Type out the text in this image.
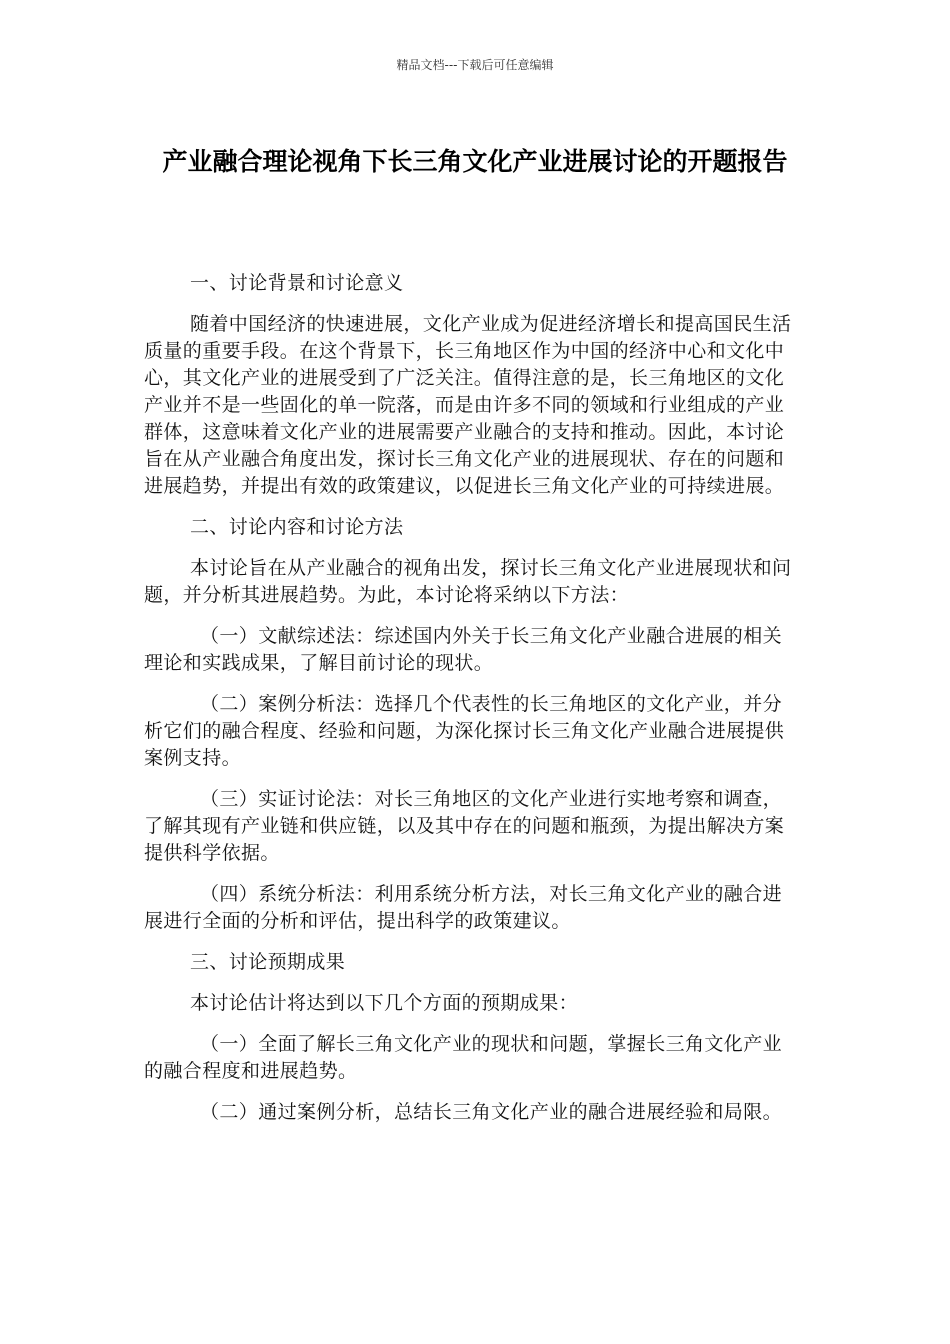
精品文档---下载后可任意编辑
产业融合理论视角下长三角文化产业进展讨论的开题报告

一、讨论背景和讨论意义

随着中国经济的快速进展，文化产业成为促进经济增长和提高国民生活质量的重要手段。在这个背景下，长三角地区作为中国的经济中心和文化中心，其文化产业的进展受到了广泛关注。值得注意的是，长三角地区的文化产业并不是一些固化的单一院落，而是由许多不同的领域和行业组成的产业群体，这意味着文化产业的进展需要产业融合的支持和推动。因此，本讨论旨在从产业融合角度出发，探讨长三角文化产业的进展现状、存在的问题和进展趋势，并提出有效的政策建议，以促进长三角文化产业的可持续进展。

二、讨论内容和讨论方法

本讨论旨在从产业融合的视角出发，探讨长三角文化产业进展现状和问题，并分析其进展趋势。为此，本讨论将采纳以下方法：

（一）文献综述法：综述国内外关于长三角文化产业融合进展的相关理论和实践成果，了解目前讨论的现状。

（二）案例分析法：选择几个代表性的长三角地区的文化产业，并分析它们的融合程度、经验和问题，为深化探讨长三角文化产业融合进展提供案例支持。

（三）实证讨论法：对长三角地区的文化产业进行实地考察和调查，了解其现有产业链和供应链，以及其中存在的问题和瓶颈，为提出解决方案提供科学依据。

（四）系统分析法：利用系统分析方法，对长三角文化产业的融合进展进行全面的分析和评估，提出科学的政策建议。

三、讨论预期成果

本讨论估计将达到以下几个方面的预期成果：

（一）全面了解长三角文化产业的现状和问题，掌握长三角文化产业的融合程度和进展趋势。

（二）通过案例分析，总结长三角文化产业的融合进展经验和局限。
